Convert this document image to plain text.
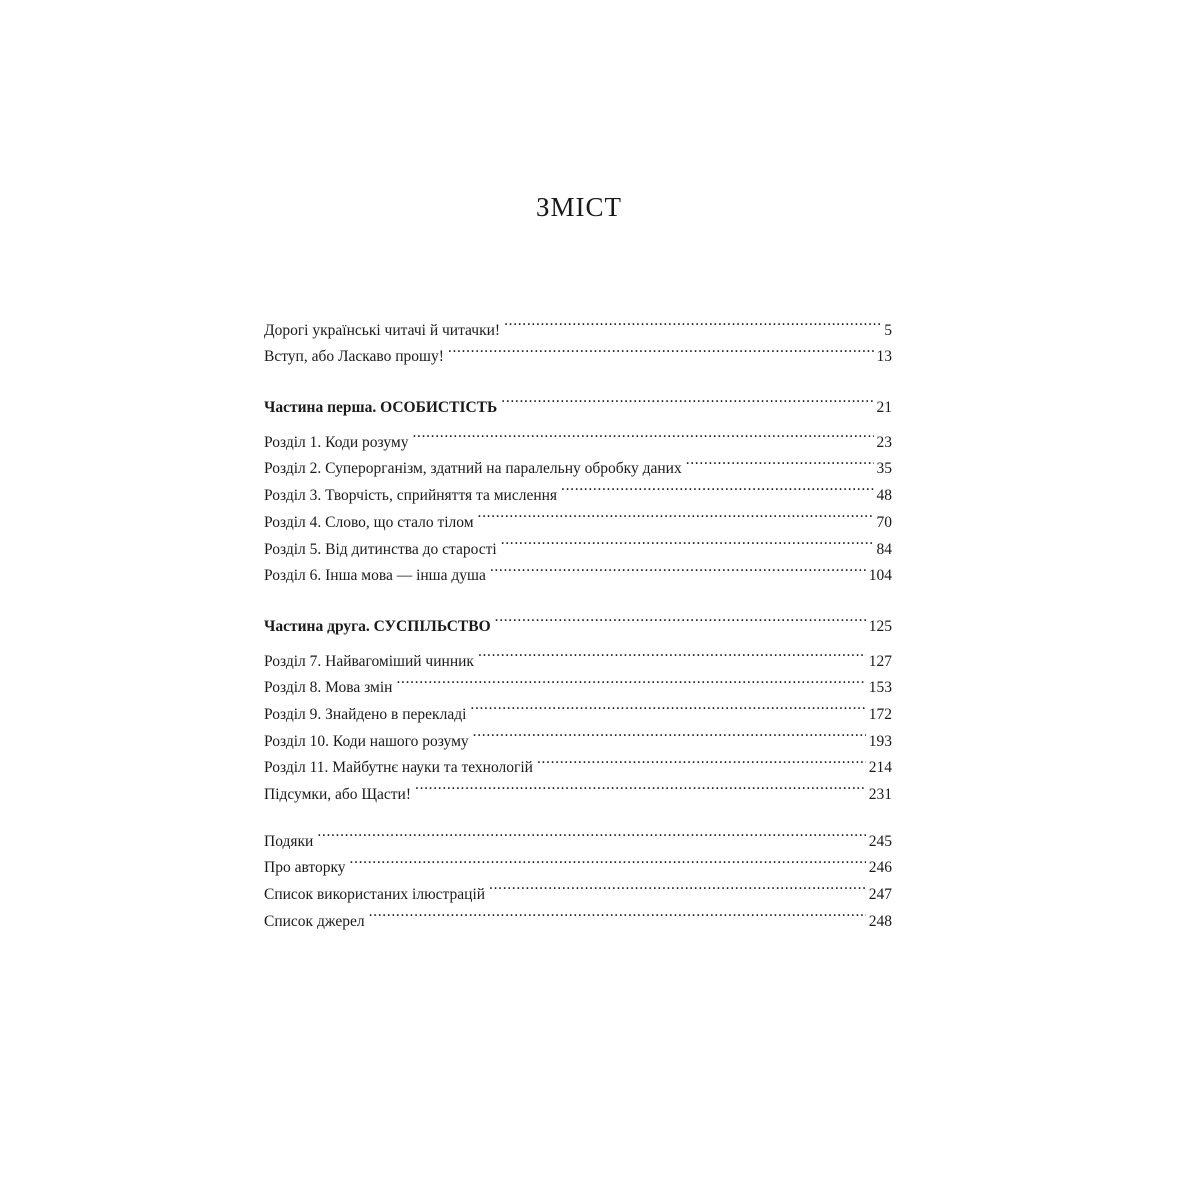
ЗМІСТ
Дорогі українські читачі й читачки! . . .	5
Вступ, або Ласкаво прошу! . . .	13
Частина перша. ОСОБИСТІСТЬ . . .	21
Розділ 1. Коди розуму . . .	23
Розділ 2. Суперорганізм, здатний на паралельну обробку даних . . .	35
Розділ 3. Творчість, сприйняття та мислення . . .	48
Розділ 4. Слово, що стало тілом . . .	70
Розділ 5. Від дитинства до старості . . .	84
Розділ 6. Інша мова — інша душа . . .	104
Частина друга. СУСПІЛЬСТВО . . .	125
Розділ 7. Найвагоміший чинник . . .	127
Розділ 8. Мова змін . . .	153
Розділ 9. Знайдено в перекладі . . .	172
Розділ 10. Коди нашого розуму . . .	193
Розділ 11. Майбутнє науки та технологій . . .	214
Підсумки, або Щасти! . . .	231
Подяки . . .	245
Про авторку . . .	246
Список використаних ілюстрацій . . .	247
Список джерел . . .	248
